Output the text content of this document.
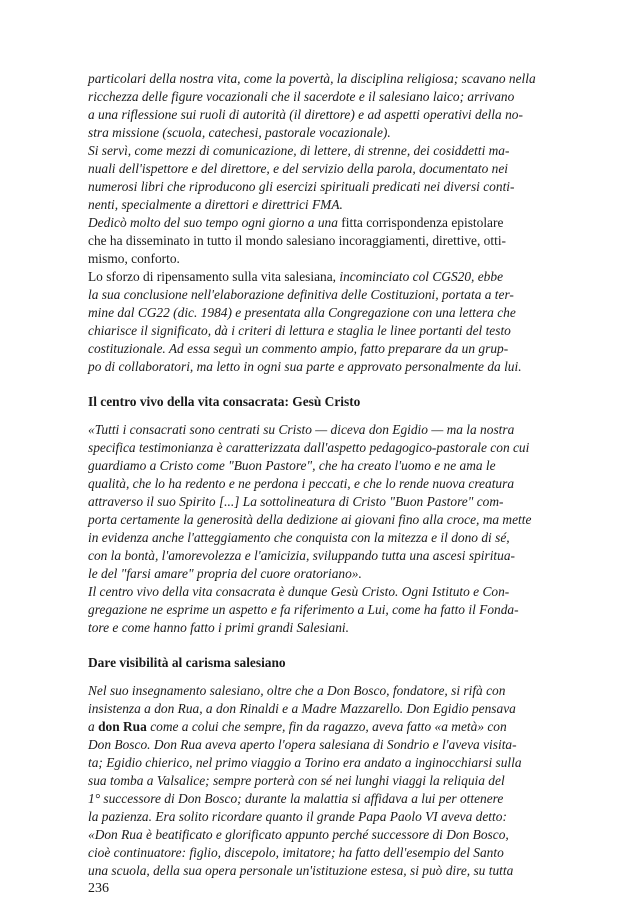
particolari della nostra vita, come la povertà, la disciplina religiosa; scavano nella
ricchezza delle figure vocazionali che il sacerdote e il salesiano laico; arrivano
a una riflessione sui ruoli di autorità (il direttore) e ad aspetti operativi della no-
stra missione (scuola, catechesi, pastorale vocazionale).
Si servì, come mezzi di comunicazione, di lettere, di strenne, dei cosiddetti ma-
nuali dell'ispettore e del direttore, e del servizio della parola, documentato nei
numerosi libri che riproducono gli esercizi spirituali predicati nei diversi conti-
nenti, specialmente a direttori e direttrici FMA.
Dedicò molto del suo tempo ogni giorno a una fitta corrispondenza epistolare
che ha disseminato in tutto il mondo salesiano incoraggiamenti, direttive, otti-
mismo, conforto.
Lo sforzo di ripensamento sulla vita salesiana, incominciato col CGS20, ebbe
la sua conclusione nell'elaborazione definitiva delle Costituzioni, portata a ter-
mine dal CG22 (dic. 1984) e presentata alla Congregazione con una lettera che
chiarisce il significato, dà i criteri di lettura e staglia le linee portanti del testo
costituzionale. Ad essa seguì un commento ampio, fatto preparare da un grup-
po di collaboratori, ma letto in ogni sua parte e approvato personalmente da lui.
Il centro vivo della vita consacrata: Gesù Cristo
«Tutti i consacrati sono centrati su Cristo — diceva don Egidio — ma la nostra
specifica testimonianza è caratterizzata dall'aspetto pedagogico-pastorale con cui
guardiamo a Cristo come "Buon Pastore", che ha creato l'uomo e ne ama le
qualità, che lo ha redento e ne perdona i peccati, e che lo rende nuova creatura
attraverso il suo Spirito [...] La sottolineatura di Cristo "Buon Pastore" com-
porta certamente la generosità della dedizione ai giovani fino alla croce, ma mette
in evidenza anche l'atteggiamento che conquista con la mitezza e il dono di sé,
con la bontà, l'amorevolezza e l'amicizia, sviluppando tutta una ascesi spiritua-
le del "farsi amare" propria del cuore oratoriano».
Il centro vivo della vita consacrata è dunque Gesù Cristo. Ogni Istituto e Con-
gregazione ne esprime un aspetto e fa riferimento a Lui, come ha fatto il Fonda-
tore e come hanno fatto i primi grandi Salesiani.
Dare visibilità al carisma salesiano
Nel suo insegnamento salesiano, oltre che a Don Bosco, fondatore, si rifà con
insistenza a don Rua, a don Rinaldi e a Madre Mazzarello. Don Egidio pensava
a don Rua come a colui che sempre, fin da ragazzo, aveva fatto «a metà» con
Don Bosco. Don Rua aveva aperto l'opera salesiana di Sondrio e l'aveva visita-
ta; Egidio chierico, nel primo viaggio a Torino era andato a inginocchiarsi sulla
sua tomba a Valsalice; sempre porterà con sé nei lunghi viaggi la reliquia del
1° successore di Don Bosco; durante la malattia si affidava a lui per ottenere
la pazienza. Era solito ricordare quanto il grande Papa Paolo VI aveva detto:
«Don Rua è beatificato e glorificato appunto perché successore di Don Bosco,
cioè continuatore: figlio, discepolo, imitatore; ha fatto dell'esempio del Santo
una scuola, della sua opera personale un'istituzione estesa, si può dire, su tutta
236
